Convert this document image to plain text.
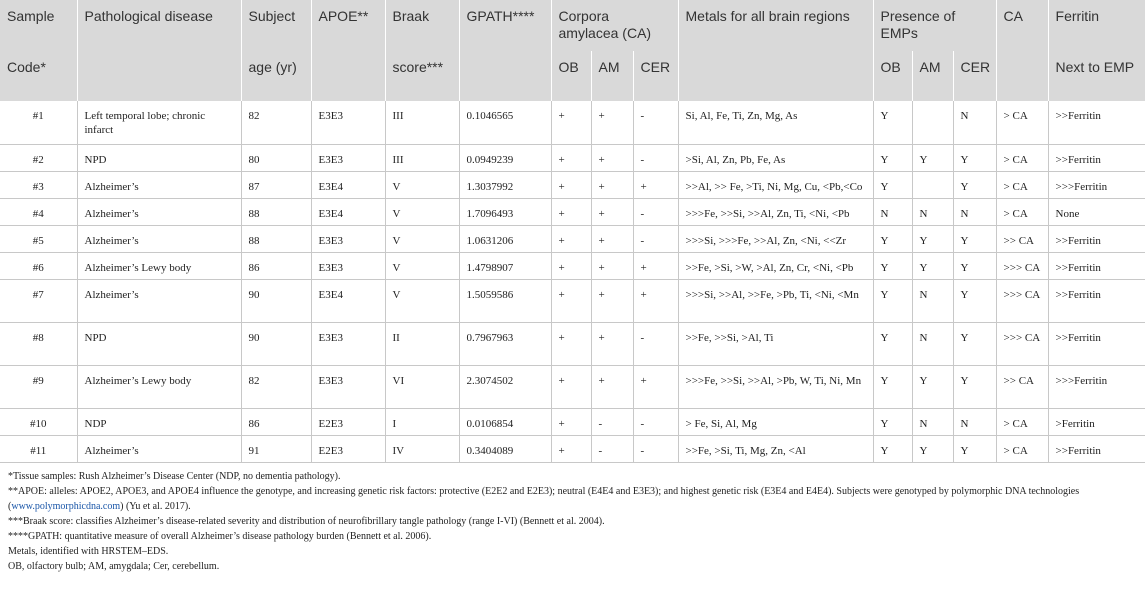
Sample	Pathological disease	Subject	APOE**	Braak	GPATH****	Corpora amylacea (CA)			Metals for all brain regions	Presence of EMPs			CA	Ferritin
Code*		age (yr)		score***		OB	AM	CER		OB	AM	CER		Next to EMP
#1	Left temporal lobe; chronic infarct	82	E3E3	III	0.1046565	+	+	-	Si, Al, Fe, Ti, Zn, Mg, As	Y		N	> CA	>>Ferritin
#2	NPD	80	E3E3	III	0.0949239	+	+	-	>Si, Al, Zn, Pb, Fe, As	Y	Y	Y	> CA	>>Ferritin
#3	Alzheimer’s	87	E3E4	V	1.3037992	+	+	+	>>Al, >> Fe, >Ti, Ni, Mg, Cu, <Pb,<Co	Y		Y	> CA	>>>Ferritin
#4	Alzheimer’s	88	E3E4	V	1.7096493	+	+	-	>>>Fe, >>Si, >>Al, Zn, Ti, <Ni, <Pb	N	N	N	> CA	None
#5	Alzheimer’s	88	E3E3	V	1.0631206	+	+	-	>>>Si, >>>Fe, >>Al, Zn, <Ni, <<Zr	Y	Y	Y	>> CA	>>Ferritin
#6	Alzheimer’s Lewy body	86	E3E3	V	1.4798907	+	+	+	>>Fe, >Si, >W, >Al, Zn, Cr, <Ni, <Pb	Y	Y	Y	>>> CA	>>Ferritin
#7	Alzheimer’s	90	E3E4	V	1.5059586	+	+	+	>>>Si, >>Al, >>Fe, >Pb, Ti, <Ni, <Mn	Y	N	Y	>>> CA	>>Ferritin
#8	NPD	90	E3E3	II	0.7967963	+	+	-	>>Fe, >>Si, >Al, Ti	Y	N	Y	>>> CA	>>Ferritin
#9	Alzheimer’s Lewy body	82	E3E3	VI	2.3074502	+	+	+	>>>Fe, >>Si, >>Al, >Pb, W, Ti, Ni, Mn	Y	Y	Y	>> CA	>>>Ferritin
#10	NDP	86	E2E3	I	0.0106854	+	-	-	> Fe, Si, Al, Mg	Y	N	N	> CA	>Ferritin
#11	Alzheimer’s	91	E2E3	IV	0.3404089	+	-	-	>>Fe, >Si, Ti, Mg, Zn, <Al	Y	Y	Y	> CA	>>Ferritin
*Tissue samples: Rush Alzheimer’s Disease Center (NDP, no dementia pathology).
**APOE: alleles: APOE2, APOE3, and APOE4 influence the genotype, and increasing genetic risk factors: protective (E2E2 and E2E3); neutral (E4E4 and E3E3); and highest genetic risk (E3E4 and E4E4). Subjects were genotyped by polymorphic DNA technologies (www.polymorphicdna.com) (Yu et al. 2017).
***Braak score: classifies Alzheimer’s disease-related severity and distribution of neurofibrillary tangle pathology (range I-VI) (Bennett et al. 2004).
****GPATH: quantitative measure of overall Alzheimer’s disease pathology burden (Bennett et al. 2006).
Metals, identified with HRSTEM–EDS.
OB, olfactory bulb; AM, amygdala; Cer, cerebellum.
